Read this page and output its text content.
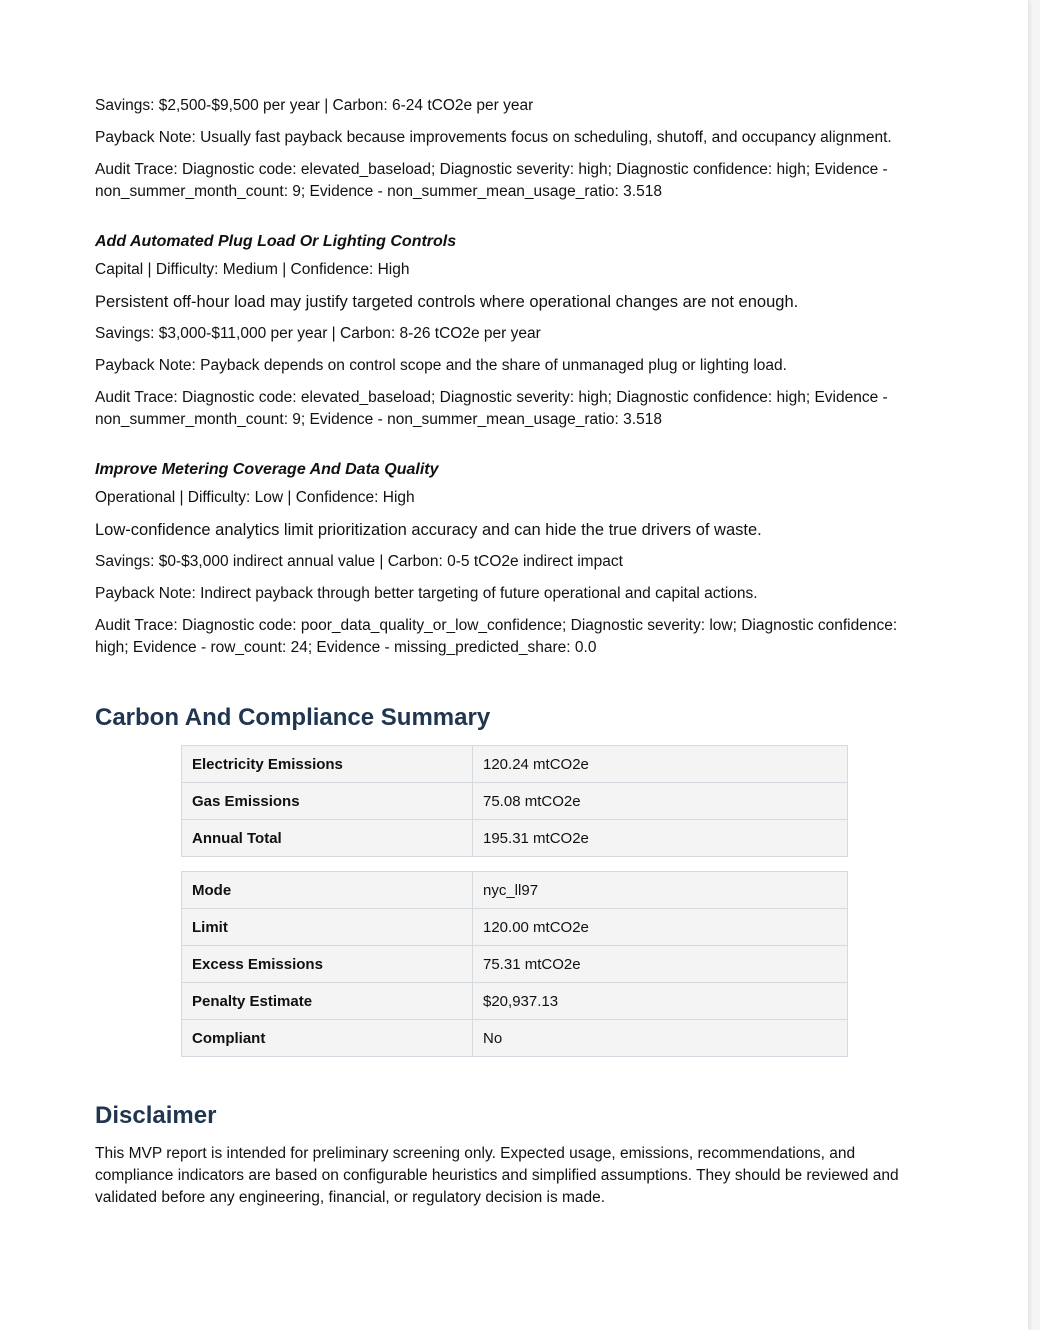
Savings: $2,500-$9,500 per year | Carbon: 6-24 tCO2e per year

Payback Note: Usually fast payback because improvements focus on scheduling, shutoff, and occupancy alignment.

Audit Trace: Diagnostic code: elevated_baseload; Diagnostic severity: high; Diagnostic confidence: high; Evidence - non_summer_month_count: 9; Evidence - non_summer_mean_usage_ratio: 3.518

Add Automated Plug Load Or Lighting Controls

Capital | Difficulty: Medium | Confidence: High

Persistent off-hour load may justify targeted controls where operational changes are not enough.

Savings: $3,000-$11,000 per year | Carbon: 8-26 tCO2e per year

Payback Note: Payback depends on control scope and the share of unmanaged plug or lighting load.

Audit Trace: Diagnostic code: elevated_baseload; Diagnostic severity: high; Diagnostic confidence: high; Evidence - non_summer_month_count: 9; Evidence - non_summer_mean_usage_ratio: 3.518

Improve Metering Coverage And Data Quality

Operational | Difficulty: Low | Confidence: High

Low-confidence analytics limit prioritization accuracy and can hide the true drivers of waste.

Savings: $0-$3,000 indirect annual value | Carbon: 0-5 tCO2e indirect impact

Payback Note: Indirect payback through better targeting of future operational and capital actions.

Audit Trace: Diagnostic code: poor_data_quality_or_low_confidence; Diagnostic severity: low; Diagnostic confidence: high; Evidence - row_count: 24; Evidence - missing_predicted_share: 0.0

Carbon And Compliance Summary
Electricity Emissions	120.24 mtCO2e
Gas Emissions	75.08 mtCO2e
Annual Total	195.31 mtCO2e
Mode	nyc_ll97
Limit	120.00 mtCO2e
Excess Emissions	75.31 mtCO2e
Penalty Estimate	$20,937.13
Compliant	No
Disclaimer

This MVP report is intended for preliminary screening only. Expected usage, emissions, recommendations, and compliance indicators are based on configurable heuristics and simplified assumptions. They should be reviewed and validated before any engineering, financial, or regulatory decision is made.
